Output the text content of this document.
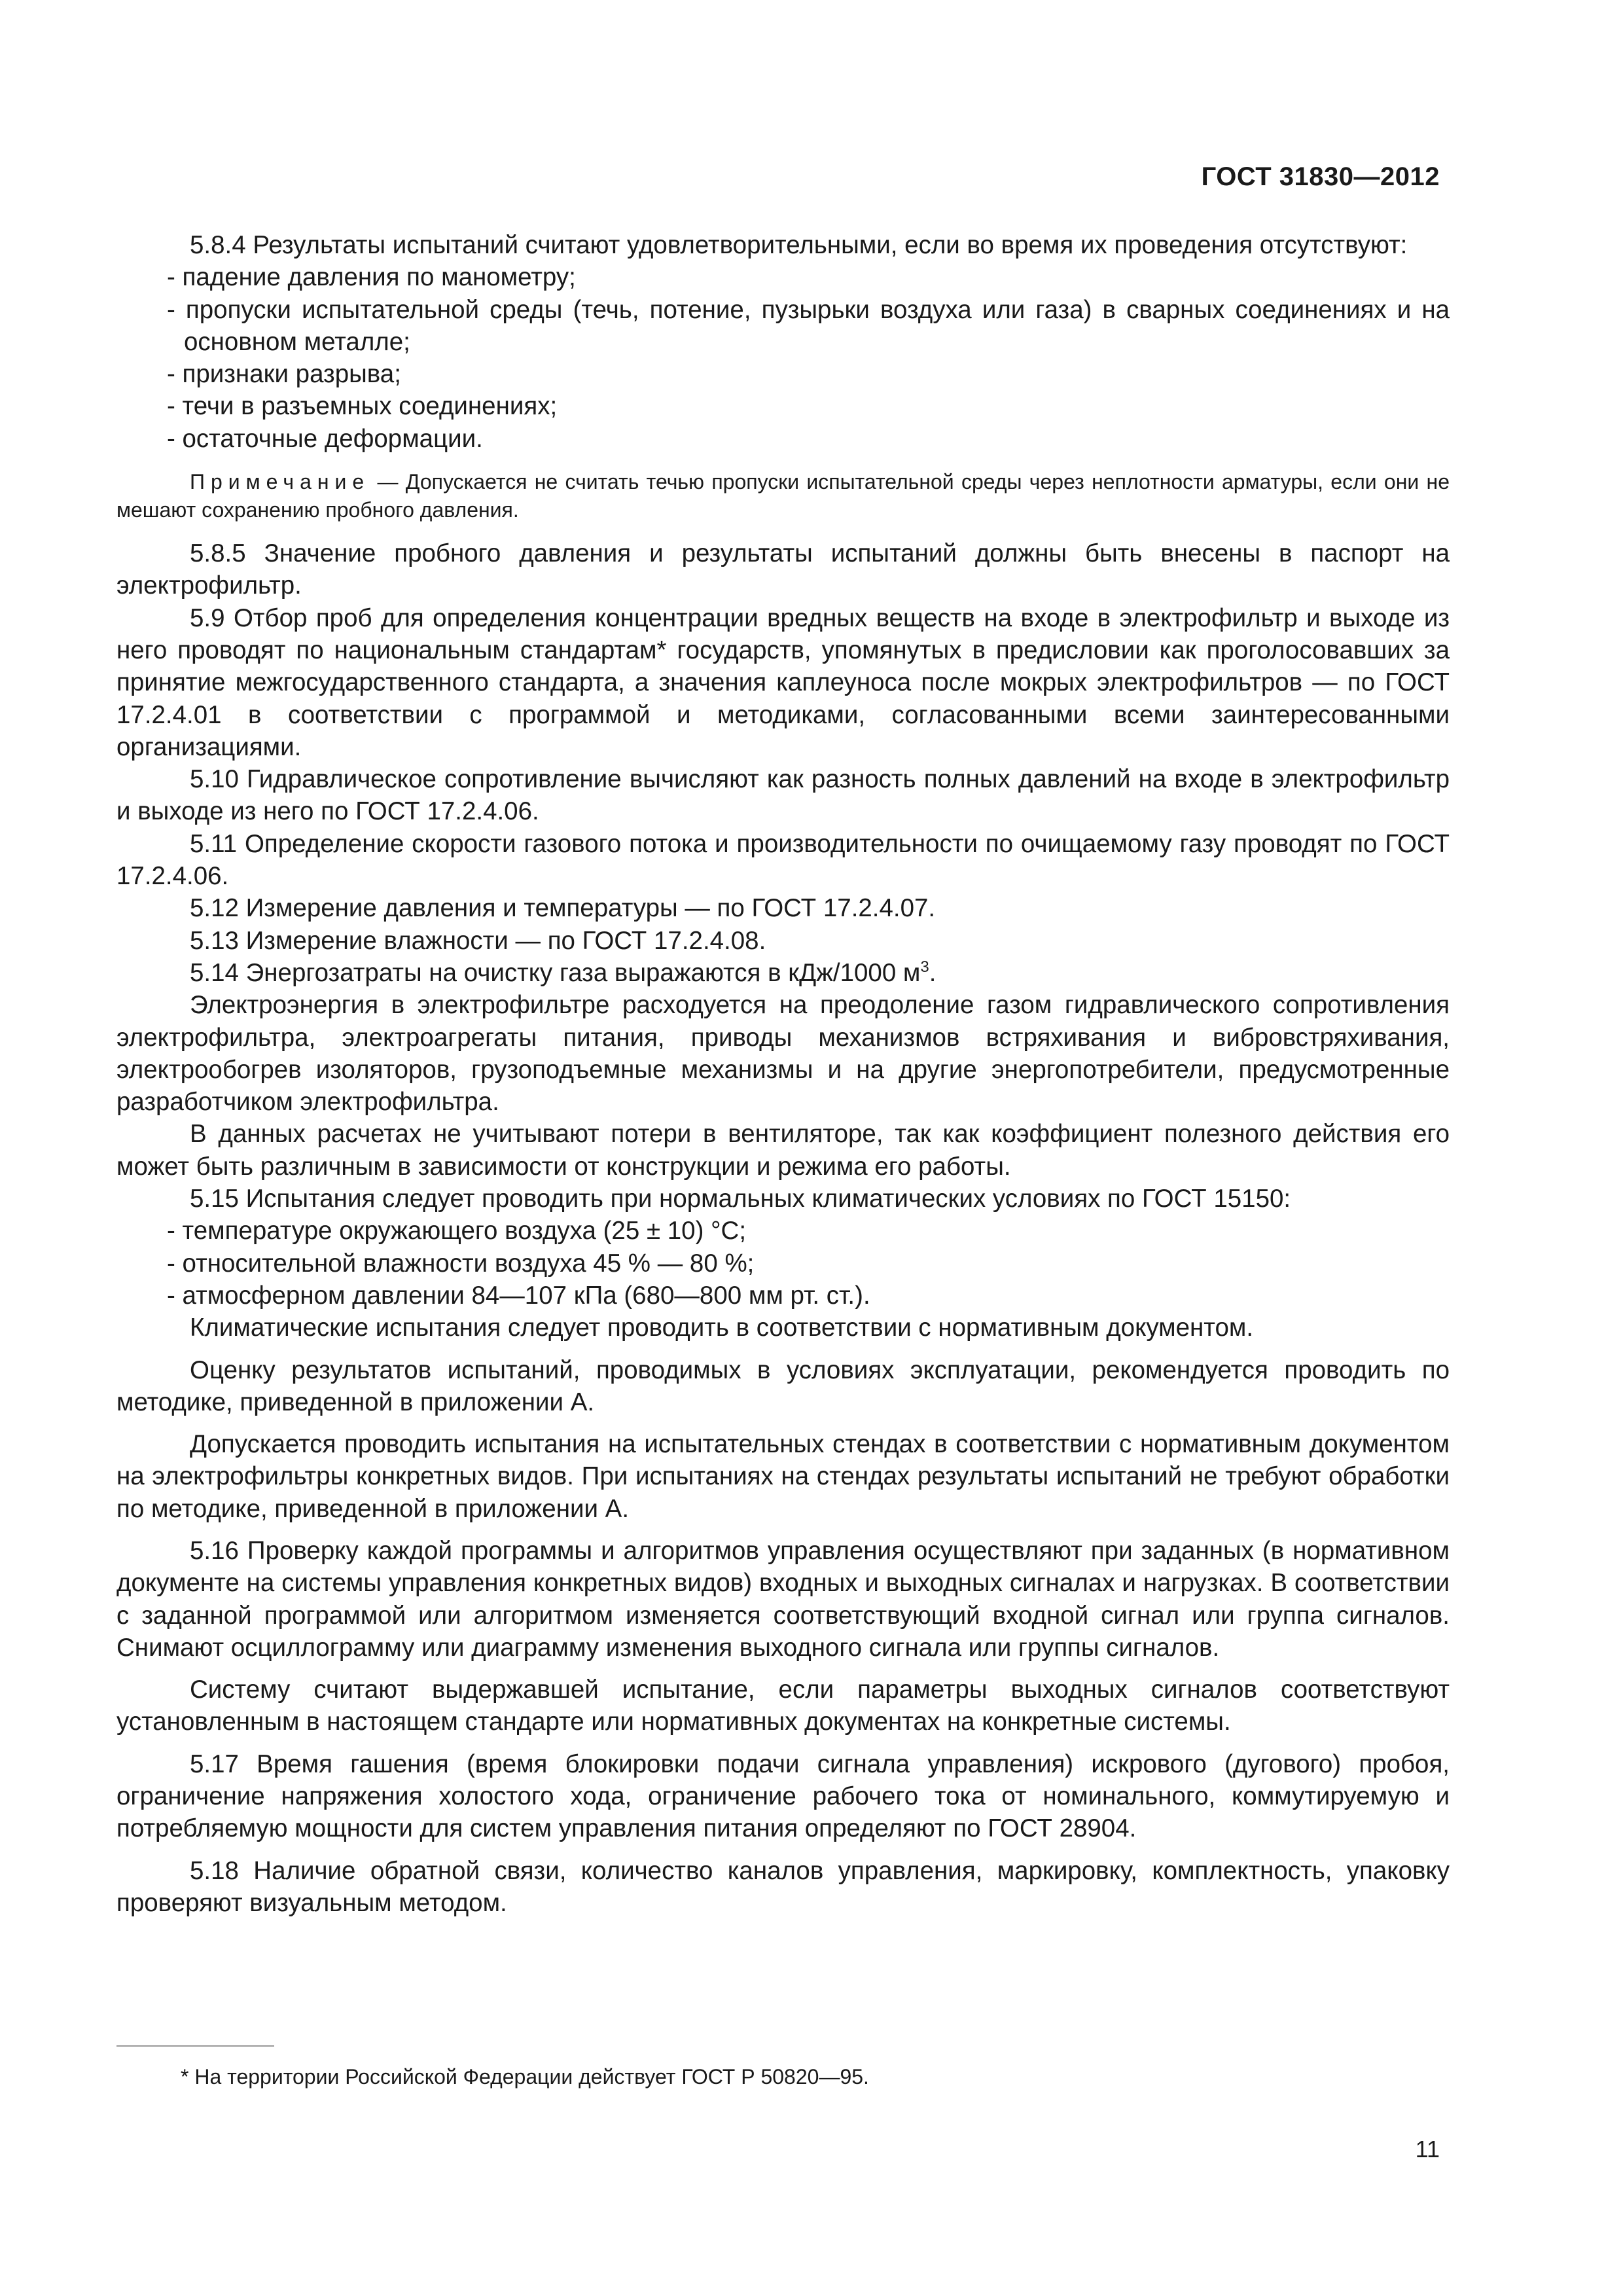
ГОСТ 31830—2012

5.8.4 Результаты испытаний считают удовлетворительными, если во время их проведения отсутствуют:

- падение давления по манометру;

- пропуски испытательной среды (течь, потение, пузырьки воздуха или газа) в сварных соединениях и на основном металле;

- признаки разрыва;

- течи в разъемных соединениях;

- остаточные деформации.

Примечание — Допускается не считать течью пропуски испытательной среды через неплотности арматуры, если они не мешают сохранению пробного давления.

5.8.5 Значение пробного давления и результаты испытаний должны быть внесены в паспорт на электрофильтр.

5.9 Отбор проб для определения концентрации вредных веществ на входе в электрофильтр и выходе из него проводят по национальным стандартам* государств, упомянутых в предисловии как проголосовавших за принятие межгосударственного стандарта, а значения каплеуноса после мокрых электрофильтров — по ГОСТ 17.2.4.01 в соответствии с программой и методиками, согласованными всеми заинтересованными организациями.

5.10 Гидравлическое сопротивление вычисляют как разность полных давлений на входе в электрофильтр и выходе из него по ГОСТ 17.2.4.06.

5.11 Определение скорости газового потока и производительности по очищаемому газу проводят по ГОСТ 17.2.4.06.

5.12 Измерение давления и температуры — по ГОСТ 17.2.4.07.

5.13 Измерение влажности — по ГОСТ 17.2.4.08.

5.14 Энергозатраты на очистку газа выражаются в кДж/1000 $м^3$.

Электроэнергия в электрофильтре расходуется на преодоление газом гидравлического сопротивления электрофильтра, электроагрегаты питания, приводы механизмов встряхивания и вибровстряхивания, электрообогрев изоляторов, грузоподъемные механизмы и на другие энергопотребители, предусмотренные разработчиком электрофильтра.

В данных расчетах не учитывают потери в вентиляторе, так как коэффициент полезного действия его может быть различным в зависимости от конструкции и режима его работы.

5.15 Испытания следует проводить при нормальных климатических условиях по ГОСТ 15150:

- температуре окружающего воздуха (25 ± 10) °С;

- относительной влажности воздуха 45 % — 80 %;

- атмосферном давлении 84—107 кПа (680—800 мм рт. ст.).

Климатические испытания следует проводить в соответствии с нормативным документом.

Оценку результатов испытаний, проводимых в условиях эксплуатации, рекомендуется проводить по методике, приведенной в приложении А.

Допускается проводить испытания на испытательных стендах в соответствии с нормативным документом на электрофильтры конкретных видов. При испытаниях на стендах результаты испытаний не требуют обработки по методике, приведенной в приложении А.

5.16 Проверку каждой программы и алгоритмов управления осуществляют при заданных (в нормативном документе на системы управления конкретных видов) входных и выходных сигналах и нагрузках. В соответствии с заданной программой или алгоритмом изменяется соответствующий входной сигнал или группа сигналов. Снимают осциллограмму или диаграмму изменения выходного сигнала или группы сигналов.

Систему считают выдержавшей испытание, если параметры выходных сигналов соответствуют установленным в настоящем стандарте или нормативных документах на конкретные системы.

5.17 Время гашения (время блокировки подачи сигнала управления) искрового (дугового) пробоя, ограничение напряжения холостого хода, ограничение рабочего тока от номинального, коммутируемую и потребляемую мощности для систем управления питания определяют по ГОСТ 28904.

5.18 Наличие обратной связи, количество каналов управления, маркировку, комплектность, упаковку проверяют визуальным методом.

* На территории Российской Федерации действует ГОСТ Р 50820—95.
11
